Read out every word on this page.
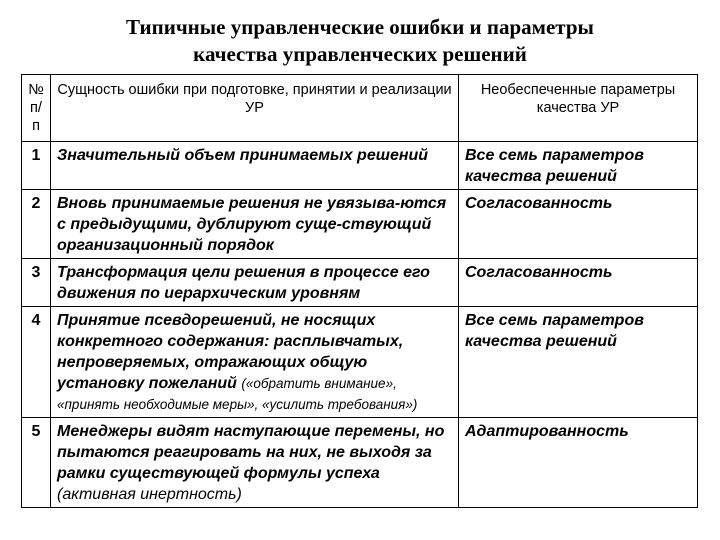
Типичные управленческие ошибки и параметры
качества управленческих решений
№ п/п	Сущность ошибки при подготовке, принятии и реализации УР	Необеспеченные параметры качества УР
1	Значительный объем принимаемых решений	Все семь параметров качества решений
2	Вновь принимаемые решения не увязыва-ются с предыдущими, дублируют суще-ствующий организационный порядок	Согласованность
3	Трансформация цели решения в процессе его движения по иерархическим уровням	Согласованность
4	Принятие псевдорешений, не носящих конкретного содержания: расплывчатых, непроверяемых, отражающих общую установку пожеланий («обратить внимание», «принять необходимые меры», «усилить требования»)	Все семь параметров качества решений
5	Менеджеры видят наступающие перемены, но пытаются реагировать на них, не выходя за рамки существующей формулы успеха (активная инертность)	Адаптированность
